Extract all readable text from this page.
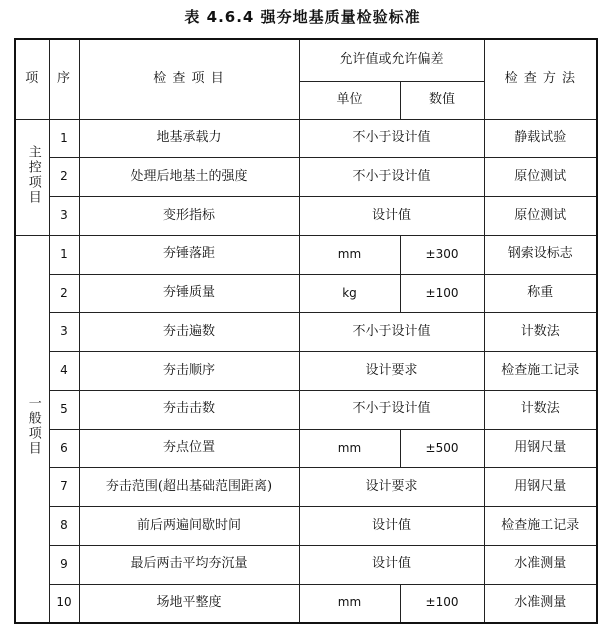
表 4.6.4 强夯地基质量检验标准
项	序	检 查 项 目	允许值或允许偏差		检 查 方 法
			单位	数值	
主控项目	1	地基承载力	不小于设计值		静载试验
	2	处理后地基土的强度	不小于设计值		原位测试
	3	变形指标	设计值		原位测试
一般项目	1	夯锤落距	mm	±300	钢索设标志
	2	夯锤质量	kg	±100	称重
	3	夯击遍数	不小于设计值		计数法
	4	夯击顺序	设计要求		检查施工记录
	5	夯击击数	不小于设计值		计数法
	6	夯点位置	mm	±500	用钢尺量
	7	夯击范围(超出基础范围距离)	设计要求		用钢尺量
	8	前后两遍间歇时间	设计值		检查施工记录
	9	最后两击平均夯沉量	设计值		水准测量
	10	场地平整度	mm	±100	水准测量
